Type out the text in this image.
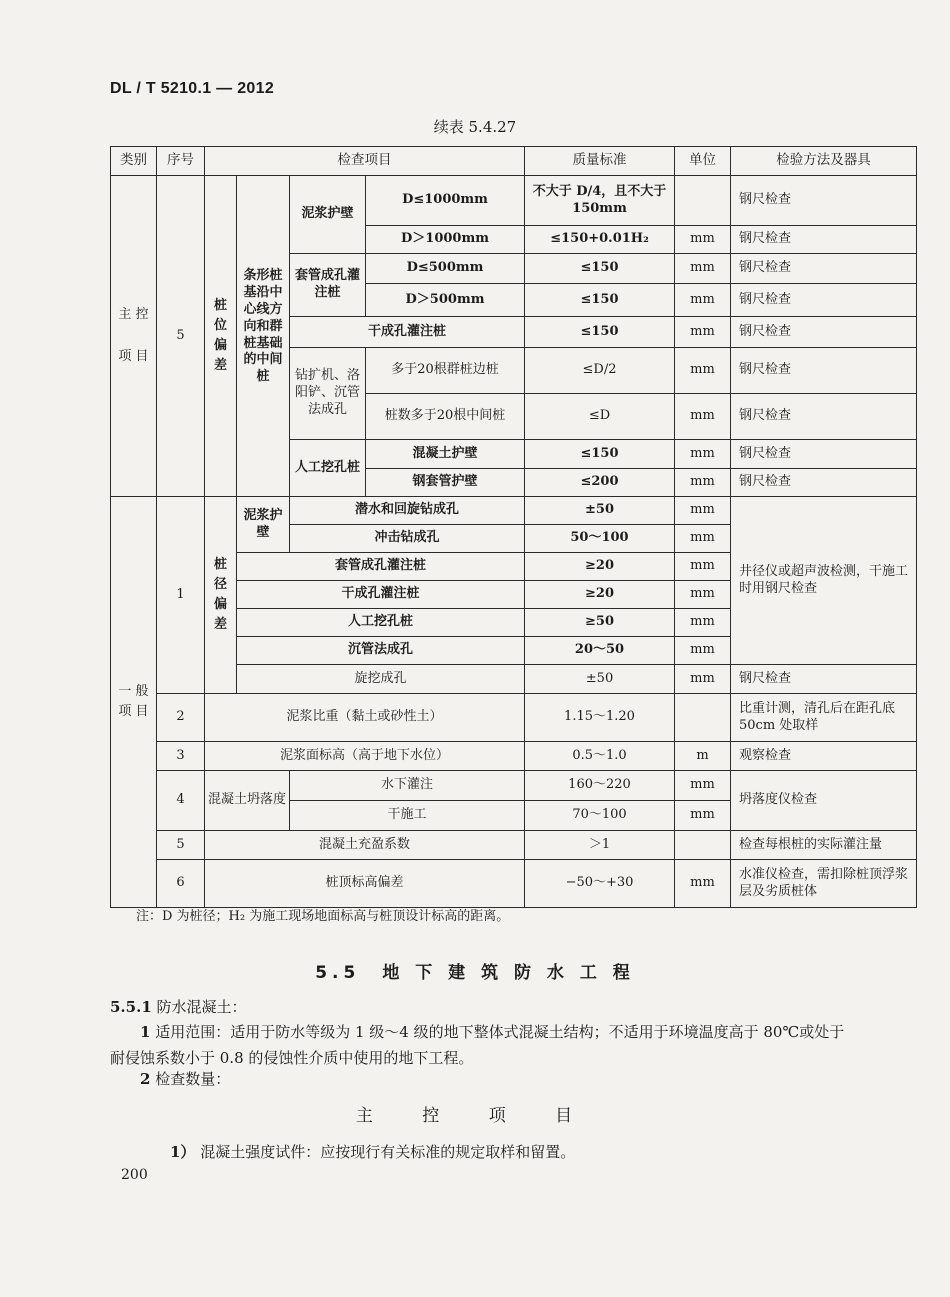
DL / T 5210.1 — 2012
续表 5.4.27
类别	序号	检查项目				质量标准	单位	检验方法及器具
主 控 项 目	5	桩 位 偏 差	条形桩基沿中心线方向和群桩基础的中间桩	泥浆护壁	D≤1000mm	不大于 D/4，且不大于 150mm		钢尺检查
					D＞1000mm	≤150+0.01H₂	mm	钢尺检查
				套管成孔灌注桩	D≤500mm	≤150	mm	钢尺检查
					D＞500mm	≤150	mm	钢尺检查
				干成孔灌注桩		≤150	mm	钢尺检查
				钻扩机、洛阳铲、沉管法成孔	多于20根群桩边桩	≤D/2	mm	钢尺检查
					桩数多于20根中间桩	≤D	mm	钢尺检查
				人工挖孔桩	混凝土护壁	≤150	mm	钢尺检查
					钢套管护壁	≤200	mm	钢尺检查
一 般 项 目	1	桩 径 偏 差	泥浆护壁	潜水和回旋钻成孔		±50	mm	井径仪或超声波检测，干施工时用钢尺检查
				冲击钻成孔		50～100	mm	
			套管成孔灌注桩			≥20	mm	
			干成孔灌注桩			≥20	mm	
			人工挖孔桩			≥50	mm	
			沉管法成孔			20～50	mm	
			旋挖成孔			±50	mm	钢尺检查
	2	泥浆比重（黏土或砂性土）				1.15～1.20		比重计测，清孔后在距孔底 50cm 处取样
	3	泥浆面标高（高于地下水位）				0.5～1.0	m	观察检查
	4	混凝土坍落度		水下灌注		160～220	mm	坍落度仪检查
				干施工		70～100	mm	
	5	混凝土充盈系数				＞1		检查每根桩的实际灌注量
	6	桩顶标高偏差				−50～+30	mm	水准仪检查，需扣除桩顶浮浆层及劣质桩体
注：D 为桩径；H₂ 为施工现场地面标高与桩顶设计标高的距离。
5.5　地 下 建 筑 防 水 工 程
5.5.1 防水混凝土：
1 适用范围：适用于防水等级为 1 级～4 级的地下整体式混凝土结构；不适用于环境温度高于 80℃或处于耐侵蚀系数小于 0.8 的侵蚀性介质中使用的地下工程。
2 检查数量：
主 控 项 目
1） 混凝土强度试件：应按现行有关标准的规定取样和留置。
200
